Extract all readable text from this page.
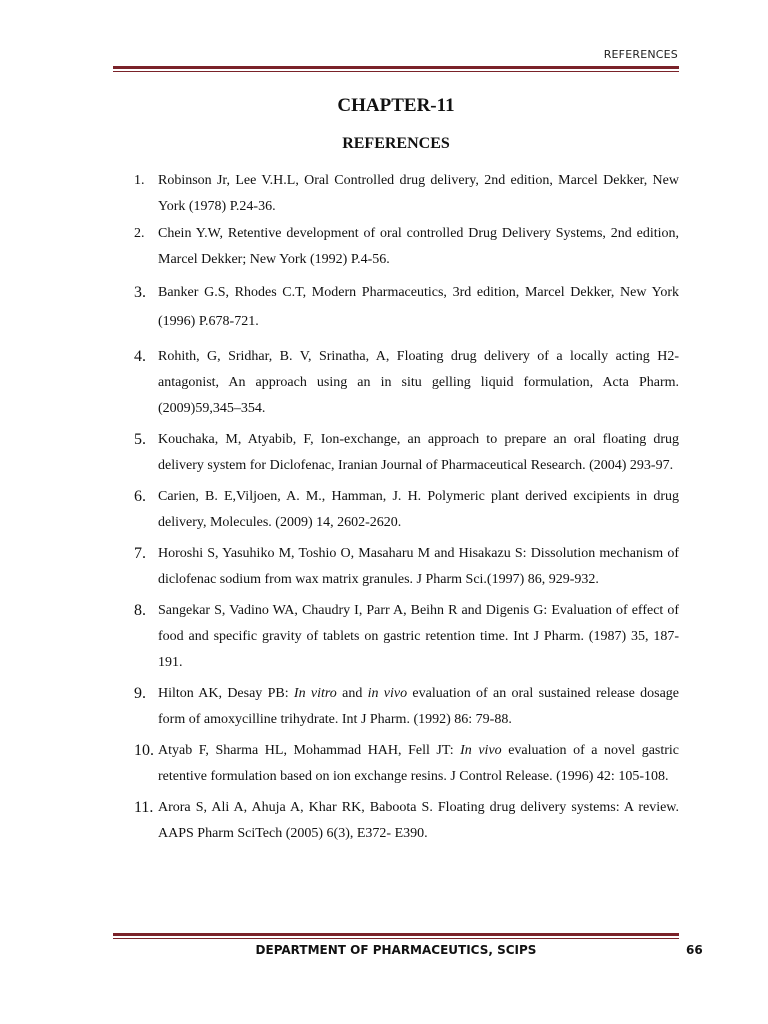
REFERENCES
CHAPTER-11
REFERENCES
1. Robinson Jr, Lee V.H.L, Oral Controlled drug delivery, 2nd edition, Marcel Dekker, New York (1978) P.24-36.
2. Chein Y.W, Retentive development of oral controlled Drug Delivery Systems, 2nd edition, Marcel Dekker; New York (1992) P.4-56.
3. Banker G.S, Rhodes C.T, Modern Pharmaceutics, 3rd edition, Marcel Dekker, New York (1996) P.678-721.
4. Rohith, G, Sridhar, B. V, Srinatha, A, Floating drug delivery of a locally acting H2-antagonist, An approach using an in situ gelling liquid formulation, Acta Pharm. (2009)59,345–354.
5. Kouchaka, M, Atyabib, F, Ion-exchange, an approach to prepare an oral floating drug delivery system for Diclofenac, Iranian Journal of Pharmaceutical Research. (2004) 293-97.
6. Carien, B. E,Viljoen, A. M., Hamman, J. H. Polymeric plant derived excipients in drug delivery, Molecules. (2009) 14, 2602-2620.
7. Horoshi S, Yasuhiko M, Toshio O, Masaharu M and Hisakazu S: Dissolution mechanism of diclofenac sodium from wax matrix granules. J Pharm Sci.(1997) 86, 929-932.
8. Sangekar S, Vadino WA, Chaudry I, Parr A, Beihn R and Digenis G: Evaluation of effect of food and specific gravity of tablets on gastric retention time. Int J Pharm. (1987) 35, 187-191.
9. Hilton AK, Desay PB: In vitro and in vivo evaluation of an oral sustained release dosage form of amoxycilline trihydrate. Int J Pharm. (1992) 86: 79-88.
10. Atyab F, Sharma HL, Mohammad HAH, Fell JT: In vivo evaluation of a novel gastric retentive formulation based on ion exchange resins. J Control Release. (1996) 42: 105-108.
11. Arora S, Ali A, Ahuja A, Khar RK, Baboota S. Floating drug delivery systems: A review. AAPS Pharm SciTech (2005) 6(3), E372- E390.
DEPARTMENT OF PHARMACEUTICS, SCIPS	66
